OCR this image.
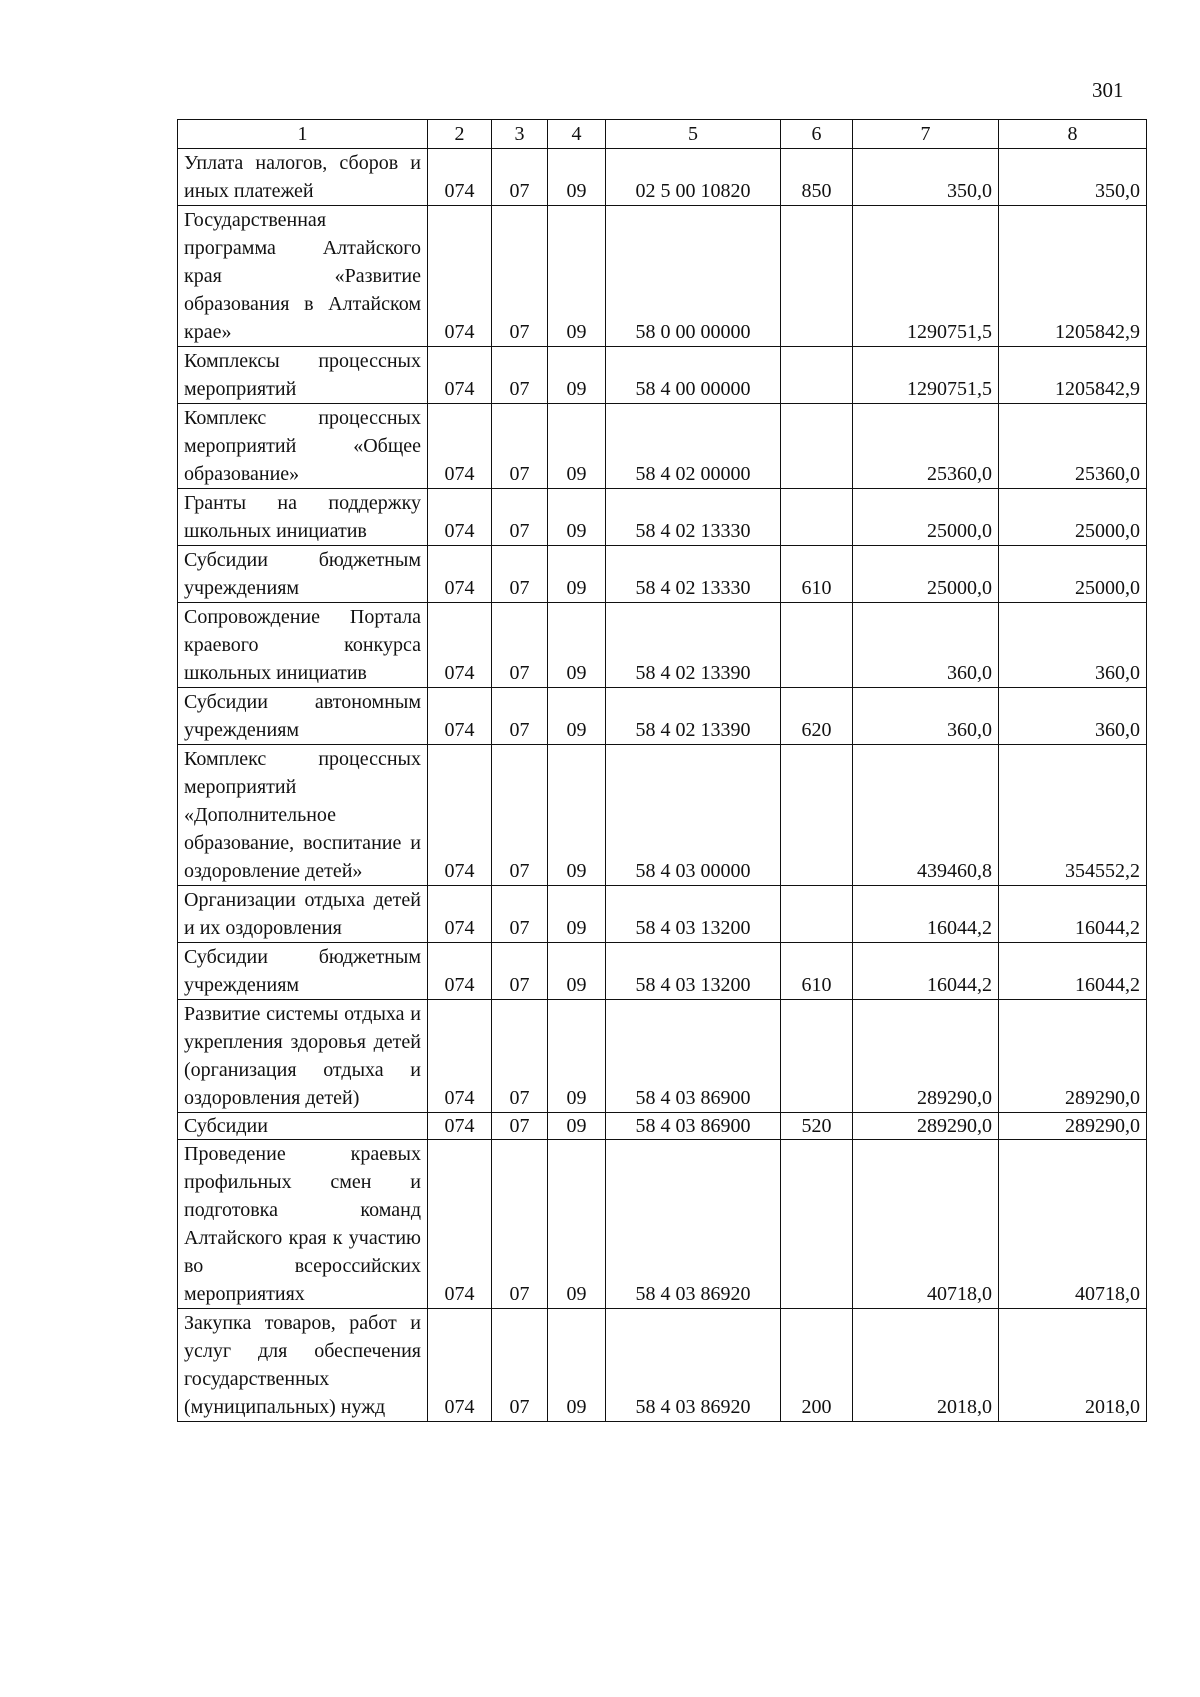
301
1	2	3	4	5	6	7	8
Уплата налогов, сборов и иных платежей	074	07	09	02 5 00 10820	850	350,0	350,0
Государственная программа Алтайского края «Развитие образования в Алтайском крае»	074	07	09	58 0 00 00000		1290751,5	1205842,9
Комплексы процессных мероприятий	074	07	09	58 4 00 00000		1290751,5	1205842,9
Комплекс процессных мероприятий «Общее образование»	074	07	09	58 4 02 00000		25360,0	25360,0
Гранты на поддержку школьных инициатив	074	07	09	58 4 02 13330		25000,0	25000,0
Субсидии бюджетным учреждениям	074	07	09	58 4 02 13330	610	25000,0	25000,0
Сопровождение Портала краевого конкурса школьных инициатив	074	07	09	58 4 02 13390		360,0	360,0
Субсидии автономным учреждениям	074	07	09	58 4 02 13390	620	360,0	360,0
Комплекс процессных мероприятий «Дополнительное образование, воспитание и оздоровление детей»	074	07	09	58 4 03 00000		439460,8	354552,2
Организации отдыха детей и их оздоровления	074	07	09	58 4 03 13200		16044,2	16044,2
Субсидии бюджетным учреждениям	074	07	09	58 4 03 13200	610	16044,2	16044,2
Развитие системы отдыха и укрепления здоровья детей (организация отдыха и оздоровления детей)	074	07	09	58 4 03 86900		289290,0	289290,0
Субсидии	074	07	09	58 4 03 86900	520	289290,0	289290,0
Проведение краевых профильных смен и подготовка команд Алтайского края к участию во всероссийских мероприятиях	074	07	09	58 4 03 86920		40718,0	40718,0
Закупка товаров, работ и услуг для обеспечения государственных (муниципальных) нужд	074	07	09	58 4 03 86920	200	2018,0	2018,0
